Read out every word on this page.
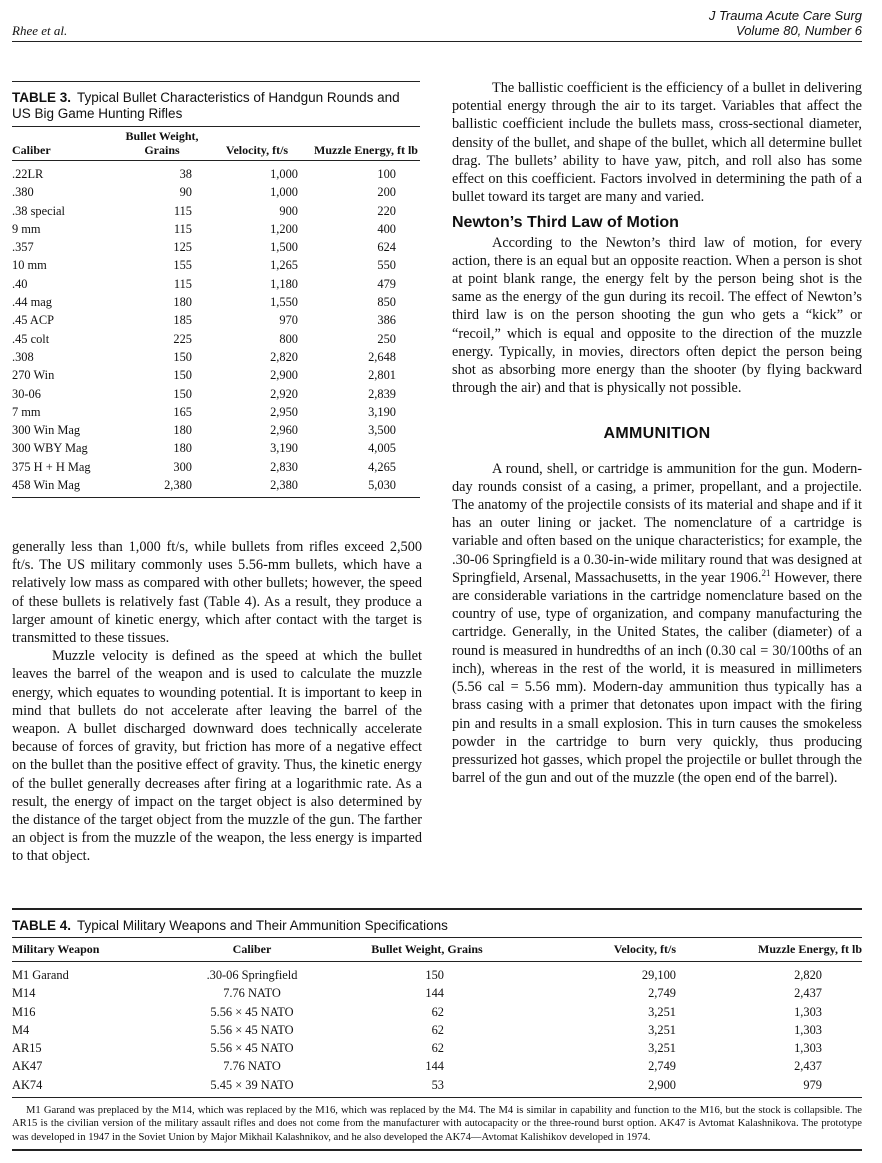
Rhee et al.
J Trauma Acute Care Surg
Volume 80, Number 6
TABLE 3. Typical Bullet Characteristics of Handgun Rounds and US Big Game Hunting Rifles
Caliber	Bullet Weight, Grains	Velocity, ft/s	Muzzle Energy, ft lb
.22LR	38	1,000	100
.380	90	1,000	200
.38 special	115	900	220
9 mm	115	1,200	400
.357	125	1,500	624
10 mm	155	1,265	550
.40	115	1,180	479
.44 mag	180	1,550	850
.45 ACP	185	970	386
.45 colt	225	800	250
.308	150	2,820	2,648
270 Win	150	2,900	2,801
30-06	150	2,920	2,839
7 mm	165	2,950	3,190
300 Win Mag	180	2,960	3,500
300 WBY Mag	180	3,190	4,005
375 H + H Mag	300	2,830	4,265
458 Win Mag	2,380	2,380	5,030

generally less than 1,000 ft/s, while bullets from rifles exceed 2,500 ft/s. The US military commonly uses 5.56-mm bullets, which have a relatively low mass as compared with other bullets; however, the speed of these bullets is relatively fast (Table 4). As a result, they produce a larger amount of kinetic energy, which after contact with the target is transmitted to these tissues.

Muzzle velocity is defined as the speed at which the bullet leaves the barrel of the weapon and is used to calculate the muzzle energy, which equates to wounding potential. It is important to keep in mind that bullets do not accelerate after leaving the barrel of the weapon. A bullet discharged downward does technically accelerate because of forces of gravity, but friction has more of a negative effect on the bullet than the positive effect of gravity. Thus, the kinetic energy of the bullet generally decreases after firing at a logarithmic rate. As a result, the energy of impact on the target object is also determined by the distance of the target object from the muzzle of the gun. The farther an object is from the muzzle of the weapon, the less energy is imparted to that object.

The ballistic coefficient is the efficiency of a bullet in delivering potential energy through the air to its target. Variables that affect the ballistic coefficient include the bullets mass, cross-sectional diameter, density of the bullet, and shape of the bullet, which all determine bullet drag. The bullets’ ability to have yaw, pitch, and roll also has some effect on this coefficient. Factors involved in determining the path of a bullet toward its target are many and varied.

Newton’s Third Law of Motion

According to the Newton’s third law of motion, for every action, there is an equal but an opposite reaction. When a person is shot at point blank range, the energy felt by the person being shot is the same as the energy of the gun during its recoil. The effect of Newton’s third law is on the person shooting the gun who gets a “kick” or “recoil,” which is equal and opposite to the direction of the muzzle energy. Typically, in movies, directors often depict the person being shot as absorbing more energy than the shooter (by flying backward through the air) and that is physically not possible.

AMMUNITION

A round, shell, or cartridge is ammunition for the gun. Modern-day rounds consist of a casing, a primer, propellant, and a projectile. The anatomy of the projectile consists of its material and shape and if it has an outer lining or jacket. The nomenclature of a cartridge is variable and often based on the unique characteristics; for example, the .30-06 Springfield is a 0.30-in-wide military round that was designed at Springfield, Arsenal, Massachusetts, in the year 1906.21 However, there are considerable variations in the cartridge nomenclature based on the country of use, type of organization, and company manufacturing the cartridge. Generally, in the United States, the caliber (diameter) of a round is measured in hundredths of an inch (0.30 cal = 30/100ths of an inch), whereas in the rest of the world, it is measured in millimeters (5.56 cal = 5.56 mm). Modern-day ammunition thus typically has a brass casing with a primer that detonates upon impact with the firing pin and results in a small explosion. This in turn causes the smokeless powder in the cartridge to burn very quickly, thus producing pressurized hot gasses, which propel the projectile or bullet through the barrel of the gun and out of the muzzle (the open end of the barrel).

TABLE 4. Typical Military Weapons and Their Ammunition Specifications
Military Weapon	Caliber	Bullet Weight, Grains	Velocity, ft/s	Muzzle Energy, ft lb
M1 Garand	.30-06 Springfield	150	29,100	2,820
M14	7.76 NATO	144	2,749	2,437
M16	5.56 × 45 NATO	62	3,251	1,303
M4	5.56 × 45 NATO	62	3,251	1,303
AR15	5.56 × 45 NATO	62	3,251	1,303
AK47	7.76 NATO	144	2,749	2,437
AK74	5.45 × 39 NATO	53	2,900	979
M1 Garand was preplaced by the M14, which was replaced by the M16, which was replaced by the M4. The M4 is similar in capability and function to the M16, but the stock is collapsible. The AR15 is the civilian version of the military assault rifles and does not come from the manufacturer with autocapacity or the three-round burst option. AK47 is Avtomat Kalashnikova. The prototype was developed in 1947 in the Soviet Union by Major Mikhail Kalashnikov, and he also developed the AK74—Avtomat Kalishikov developed in 1974.
